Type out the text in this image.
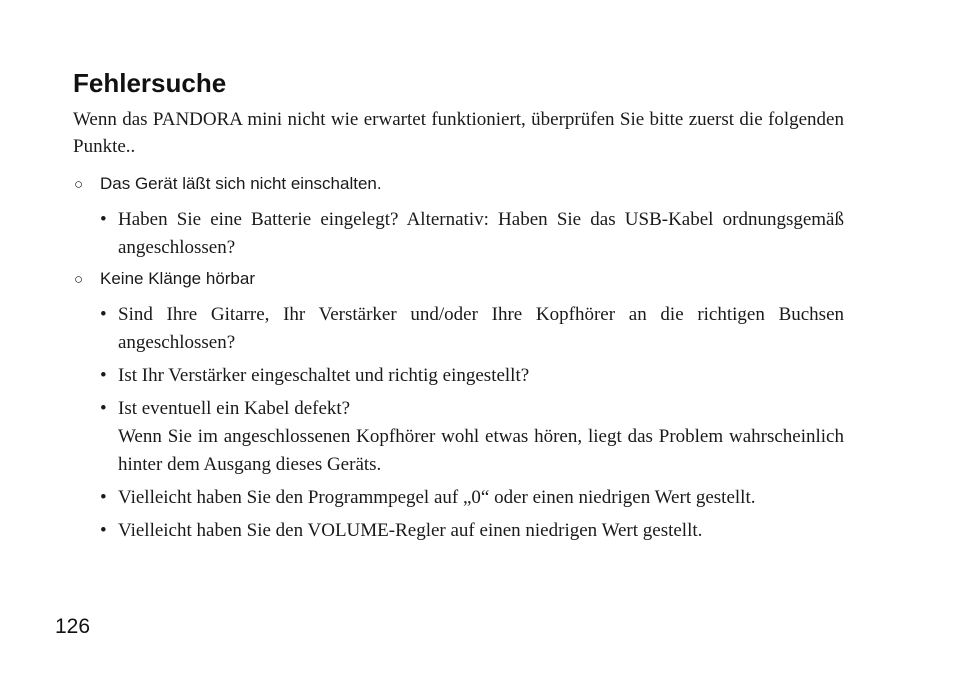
Fehlersuche

Wenn das PANDORA mini nicht wie erwartet funktioniert, überprüfen Sie bitte zuerst die folgenden Punkte..

○ Das Gerät läßt sich nicht einschalten.
• Haben Sie eine Batterie eingelegt? Alternativ: Haben Sie das USB-Kabel ordnungsgemäß angeschlossen?
○ Keine Klänge hörbar
• Sind Ihre Gitarre, Ihr Verstärker und/oder Ihre Kopfhörer an die richtigen Buchsen angeschlossen?
• Ist Ihr Verstärker eingeschaltet und richtig eingestellt?
• Ist eventuell ein Kabel defekt?
Wenn Sie im angeschlossenen Kopfhörer wohl etwas hören, liegt das Problem wahrscheinlich hinter dem Ausgang dieses Geräts.
• Vielleicht haben Sie den Programmpegel auf „0“ oder einen niedrigen Wert gestellt.
• Vielleicht haben Sie den VOLUME-Regler auf einen niedrigen Wert gestellt.
126
